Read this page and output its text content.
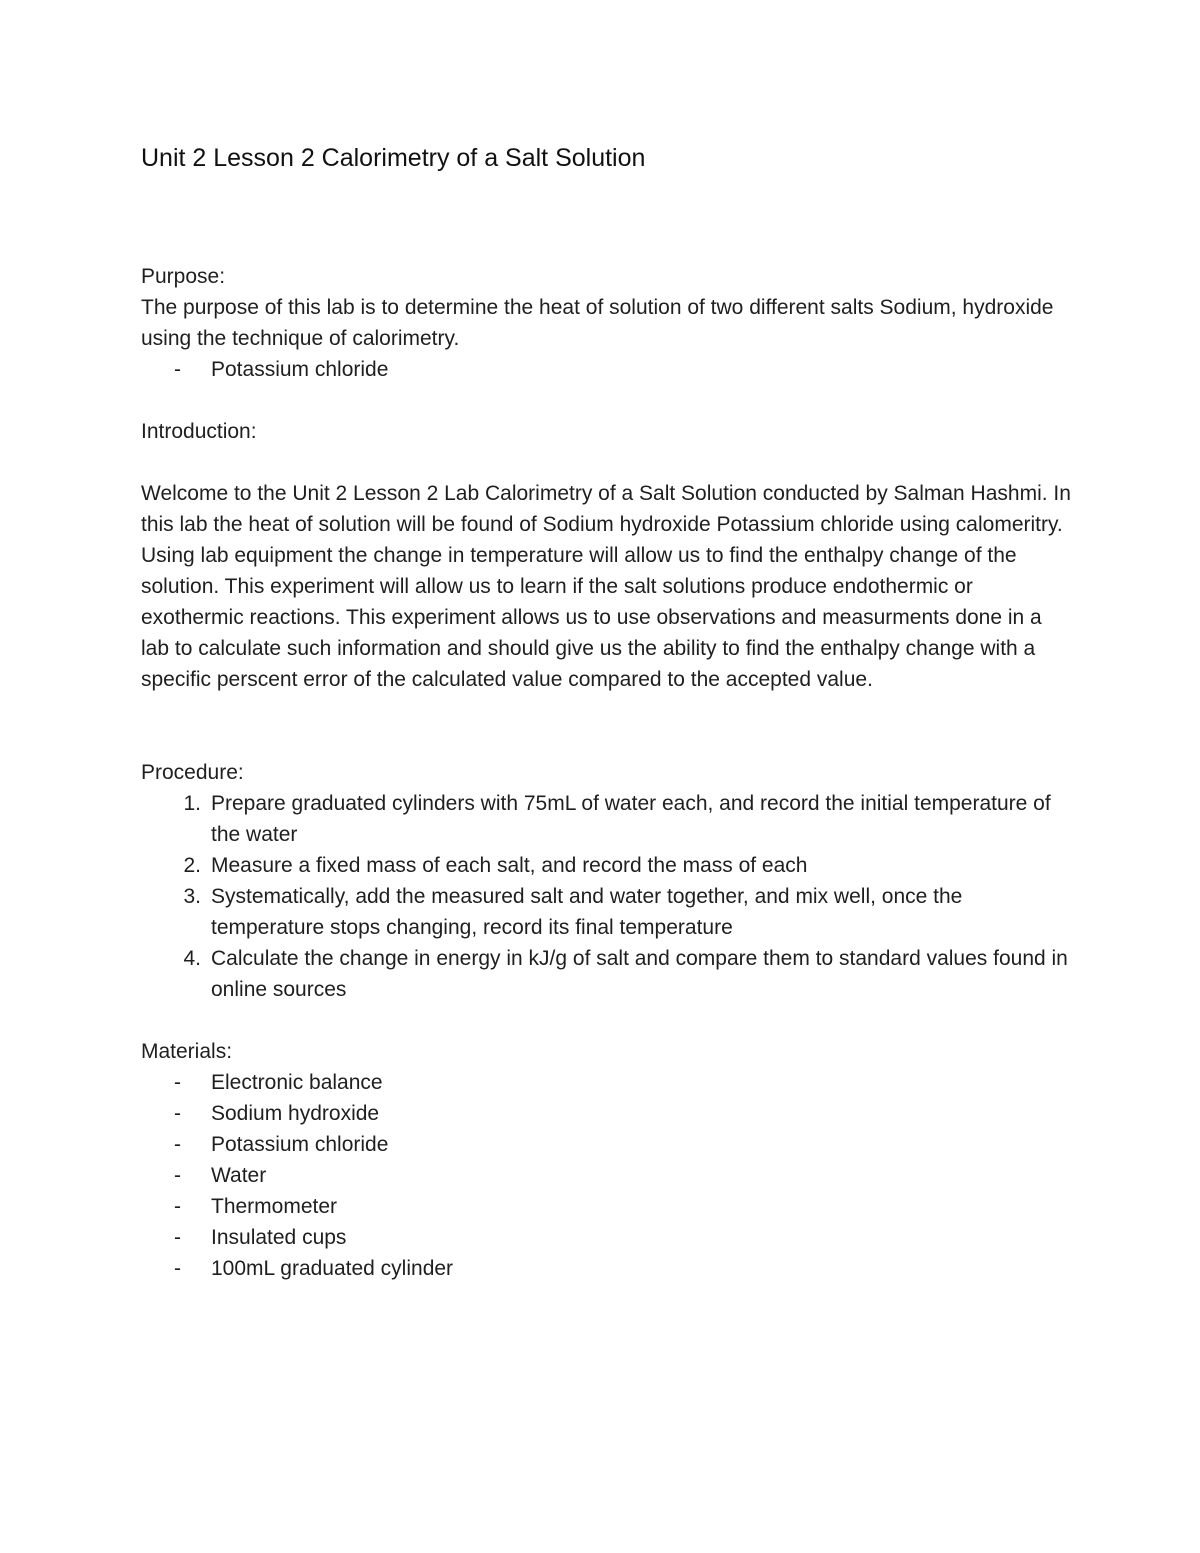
Unit 2 Lesson 2 Calorimetry of a Salt Solution

Purpose:

The purpose of this lab is to determine the heat of solution of two different salts Sodium, hydroxide using the technique of calorimetry.

- Potassium chloride

Introduction:

Welcome to the Unit 2 Lesson 2 Lab Calorimetry of a Salt Solution conducted by Salman Hashmi. In this lab the heat of solution will be found of Sodium hydroxide Potassium chloride using calomeritry. Using lab equipment the change in temperature will allow us to find the enthalpy change of the solution. This experiment will allow us to learn if the salt solutions produce endothermic or exothermic reactions. This experiment allows us to use observations and measurments done in a lab to calculate such information and should give us the ability to find the enthalpy change with a specific perscent error of the calculated value compared to the accepted value.

Procedure:

1. Prepare graduated cylinders with 75mL of water each, and record the initial temperature of the water
2. Measure a fixed mass of each salt, and record the mass of each
3. Systematically, add the measured salt and water together, and mix well, once the temperature stops changing, record its final temperature
4. Calculate the change in energy in kJ/g of salt and compare them to standard values found in online sources

Materials:

- Electronic balance
- Sodium hydroxide
- Potassium chloride
- Water
- Thermometer
- Insulated cups
- 100mL graduated cylinder
